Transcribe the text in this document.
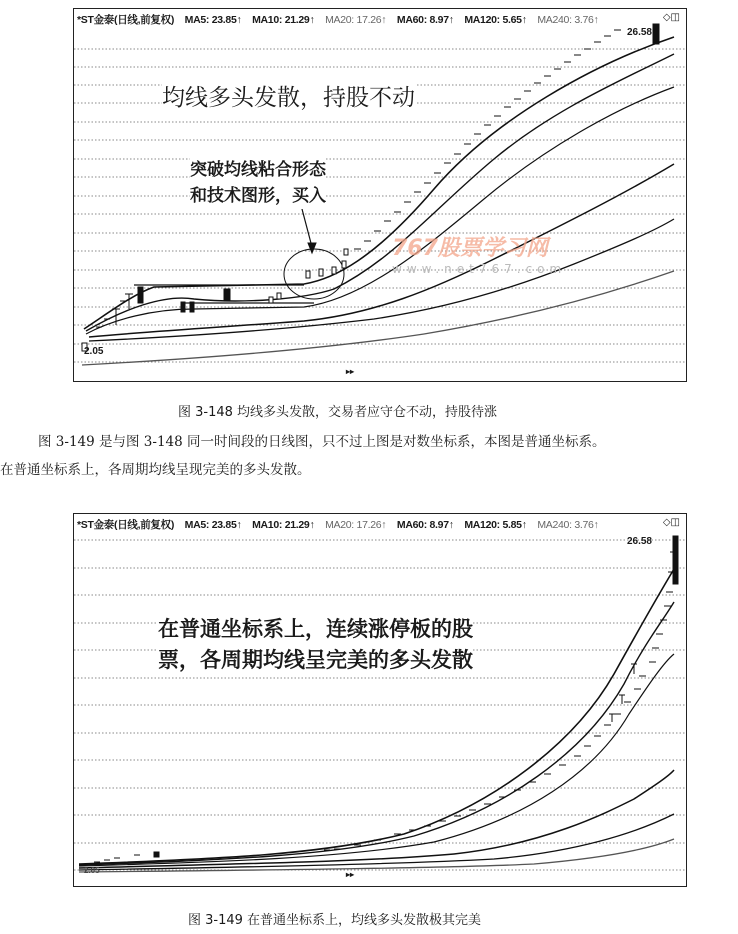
*ST金泰(日线,前复权) MA5: 23.85↑ MA10: 21.29↑ MA20: 17.26↑ MA60: 8.97↑ MA120: 5.65↑ MA240: 3.76↑	◇◫
26.58
2.05
均线多头发散，持股不动
突破均线粘合形态
和技术图形，买入
767股票学习网
www.net767.com
▸▸
图 3-148 均线多头发散，交易者应守仓不动，持股待涨

图 3-149 是与图 3-148 同一时间段的日线图，只不过上图是对数坐标系，本图是普通坐标系。

在普通坐标系上，各周期均线呈现完美的多头发散。

*ST金泰(日线,前复权) MA5: 23.85↑ MA10: 21.29↑ MA20: 17.26↑ MA60: 8.97↑ MA120: 5.85↑ MA240: 3.76↑	◇◫
26.58
2.05
在普通坐标系上，连续涨停板的股
票，各周期均线呈完美的多头发散
▸▸
图 3-149 在普通坐标系上，均线多头发散极其完美
